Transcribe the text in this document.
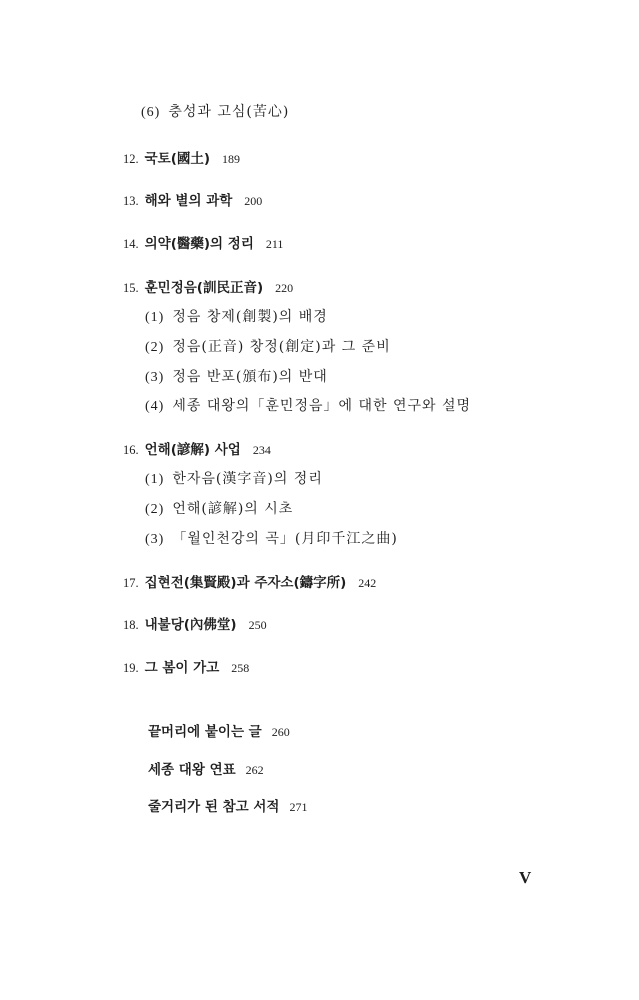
(6) 충성과 고심(苦心)
12. 국토(國土) 189
13. 해와 별의 과학 200
14. 의약(醫藥)의 정리 211
15. 훈민정음(訓民正音) 220
(1) 정음 창제(創製)의 배경
(2) 정음(正音) 창정(創定)과 그 준비
(3) 정음 반포(頒布)의 반대
(4) 세종 대왕의「훈민정음」에 대한 연구와 설명
16. 언해(諺解) 사업 234
(1) 한자음(漢字音)의 정리
(2) 언해(諺解)의 시초
(3) 「월인천강의 곡」(月印千江之曲)
17. 집현전(集賢殿)과 주자소(鑄字所) 242
18. 내불당(內佛堂) 250
19. 그 봄이 가고 258
끝머리에 붙이는 글 260
세종 대왕 연표 262
줄거리가 된 참고 서적 271
V
